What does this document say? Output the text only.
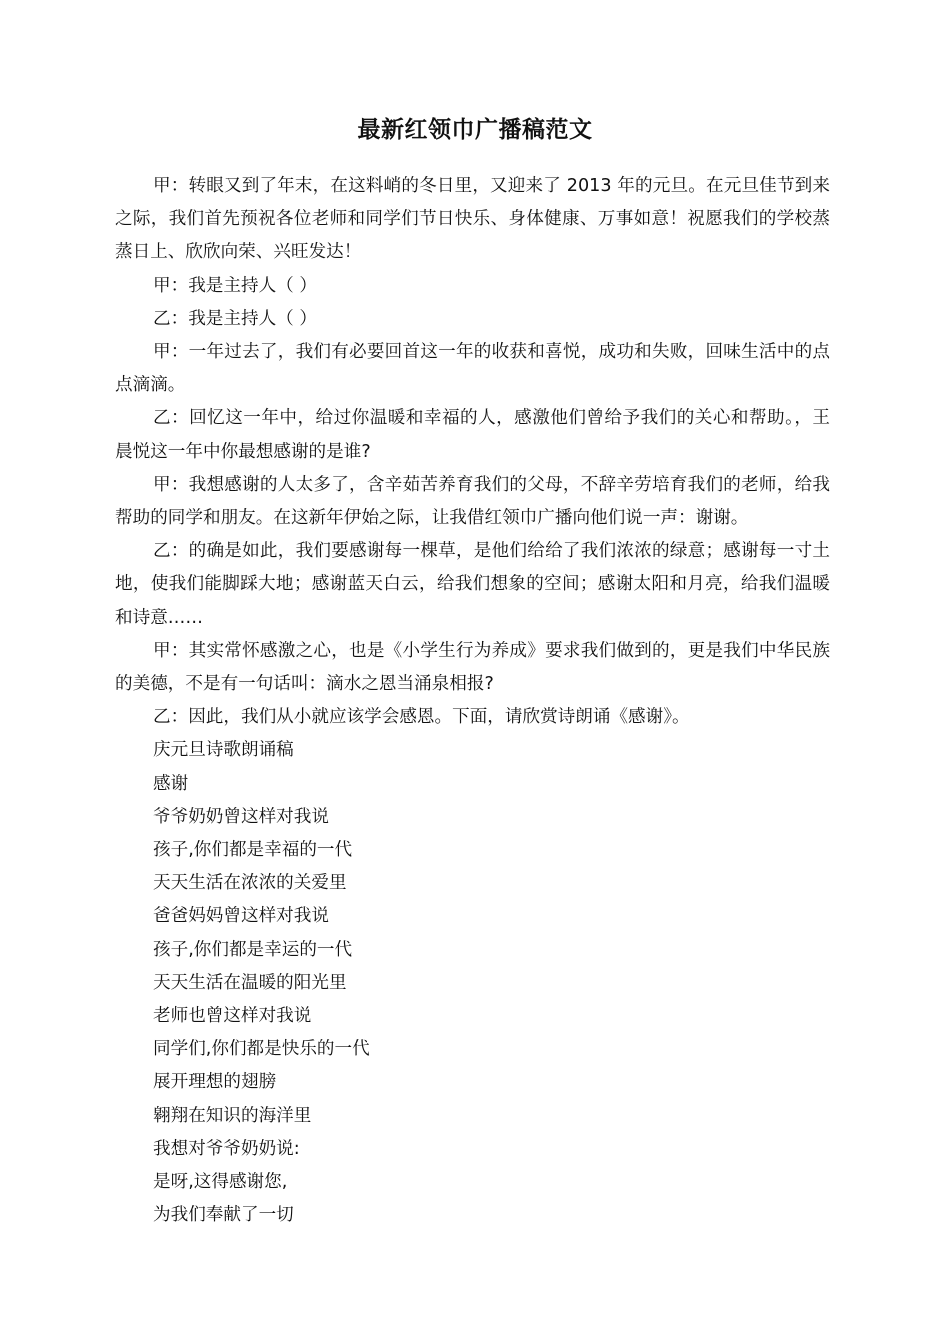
最新红领巾广播稿范文

甲：转眼又到了年末，在这料峭的冬日里，又迎来了 2013 年的元旦。在元旦佳节到来之际，我们首先预祝各位老师和同学们节日快乐、身体健康、万事如意！祝愿我们的学校蒸蒸日上、欣欣向荣、兴旺发达！

甲：我是主持人（ ）

乙：我是主持人（ ）

甲：一年过去了，我们有必要回首这一年的收获和喜悦，成功和失败，回味生活中的点点滴滴。

乙：回忆这一年中，给过你温暖和幸福的人，感激他们曾给予我们的关心和帮助。，王晨悦这一年中你最想感谢的是谁?

甲：我想感谢的人太多了，含辛茹苦养育我们的父母，不辞辛劳培育我们的老师，给我帮助的同学和朋友。在这新年伊始之际，让我借红领巾广播向他们说一声：谢谢。

乙：的确是如此，我们要感谢每一棵草，是他们给给了我们浓浓的绿意；感谢每一寸土地，使我们能脚踩大地；感谢蓝天白云，给我们想象的空间；感谢太阳和月亮，给我们温暖和诗意……

甲：其实常怀感激之心，也是《小学生行为养成》要求我们做到的，更是我们中华民族的美德，不是有一句话叫：滴水之恩当涌泉相报?

乙：因此，我们从小就应该学会感恩。下面，请欣赏诗朗诵《感谢》。

庆元旦诗歌朗诵稿

感谢

爷爷奶奶曾这样对我说

孩子,你们都是幸福的一代

天天生活在浓浓的关爱里

爸爸妈妈曾这样对我说

孩子,你们都是幸运的一代

天天生活在温暖的阳光里

老师也曾这样对我说

同学们,你们都是快乐的一代

展开理想的翅膀

翱翔在知识的海洋里

我想对爷爷奶奶说:

是呀,这得感谢您,

为我们奉献了一切
